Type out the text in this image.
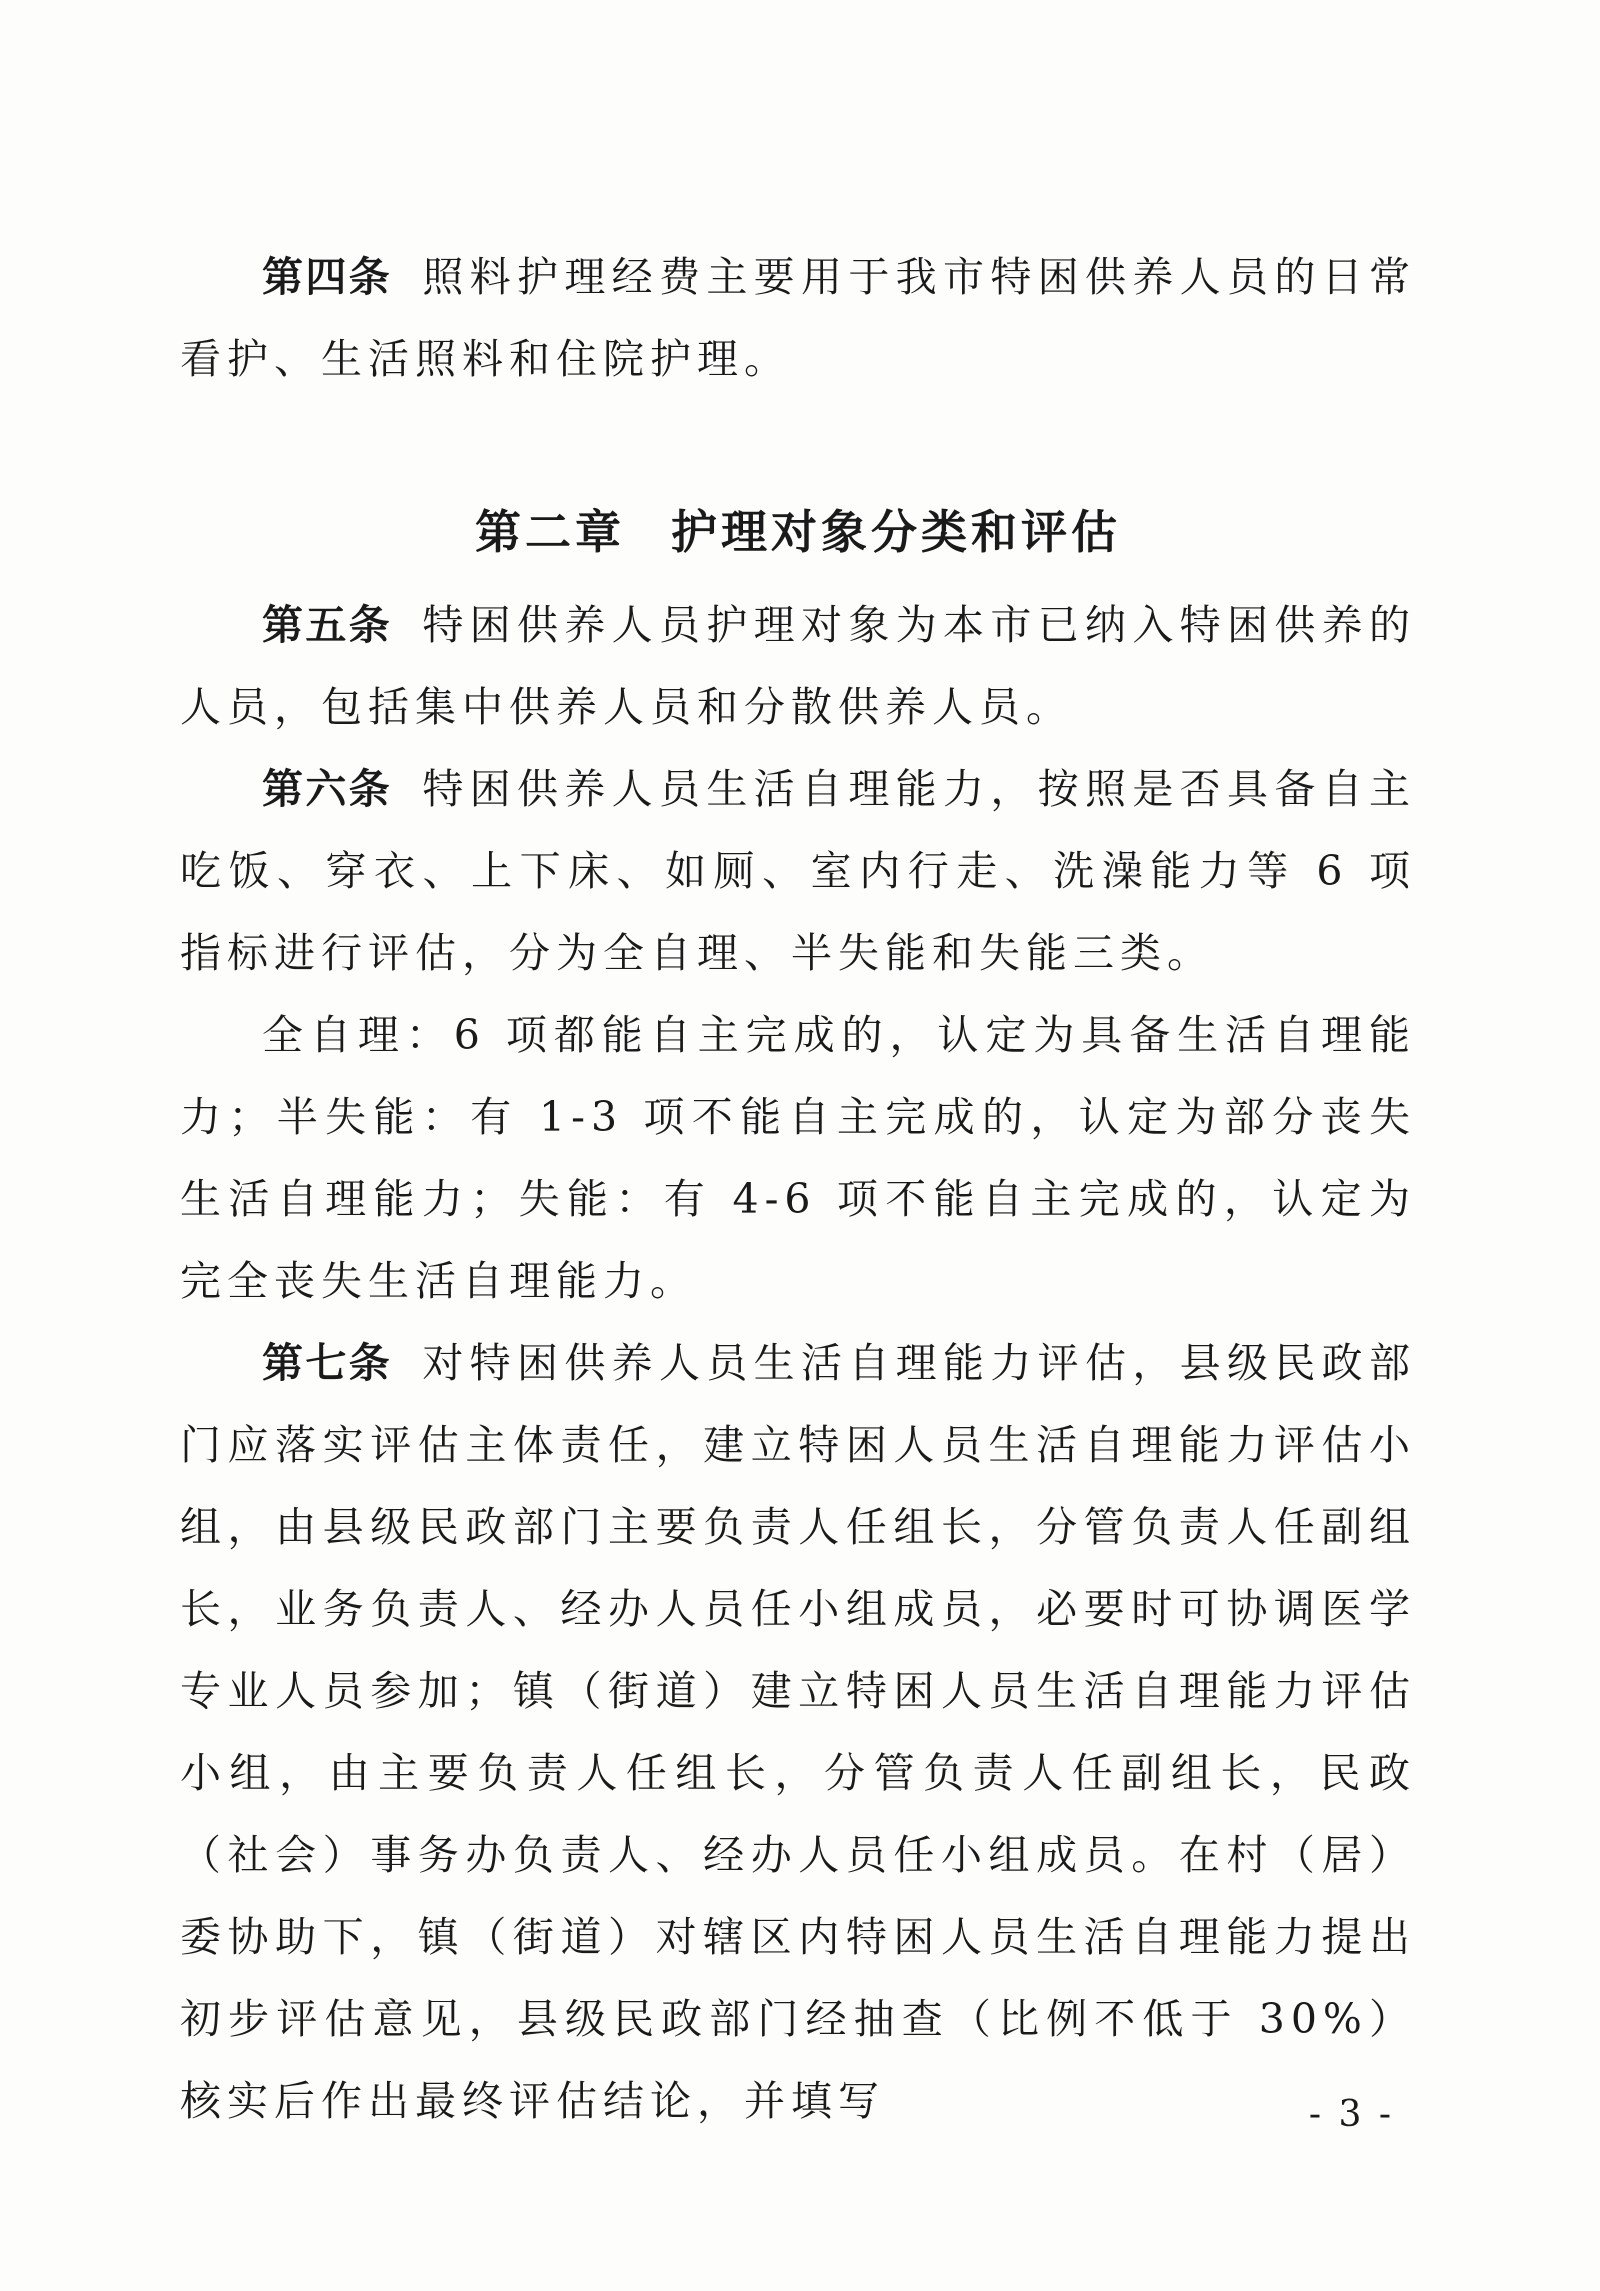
第四条 照料护理经费主要用于我市特困供养人员的日常看护、生活照料和住院护理。

第二章 护理对象分类和评估

第五条 特困供养人员护理对象为本市已纳入特困供养的人员，包括集中供养人员和分散供养人员。

第六条 特困供养人员生活自理能力，按照是否具备自主吃饭、穿衣、上下床、如厕、室内行走、洗澡能力等 6 项指标进行评估，分为全自理、半失能和失能三类。

全自理：6 项都能自主完成的，认定为具备生活自理能力；半失能：有 1-3 项不能自主完成的，认定为部分丧失生活自理能力；失能：有 4-6 项不能自主完成的，认定为完全丧失生活自理能力。

第七条 对特困供养人员生活自理能力评估，县级民政部门应落实评估主体责任，建立特困人员生活自理能力评估小组，由县级民政部门主要负责人任组长，分管负责人任副组长，业务负责人、经办人员任小组成员，必要时可协调医学专业人员参加；镇（街道）建立特困人员生活自理能力评估小组，由主要负责人任组长，分管负责人任副组长，民政（社会）事务办负责人、经办人员任小组成员。在村（居）委协助下，镇（街道）对辖区内特困人员生活自理能力提出初步评估意见，县级民政部门经抽查（比例不低于 30%）核实后作出最终评估结论，并填写	- 3 -
